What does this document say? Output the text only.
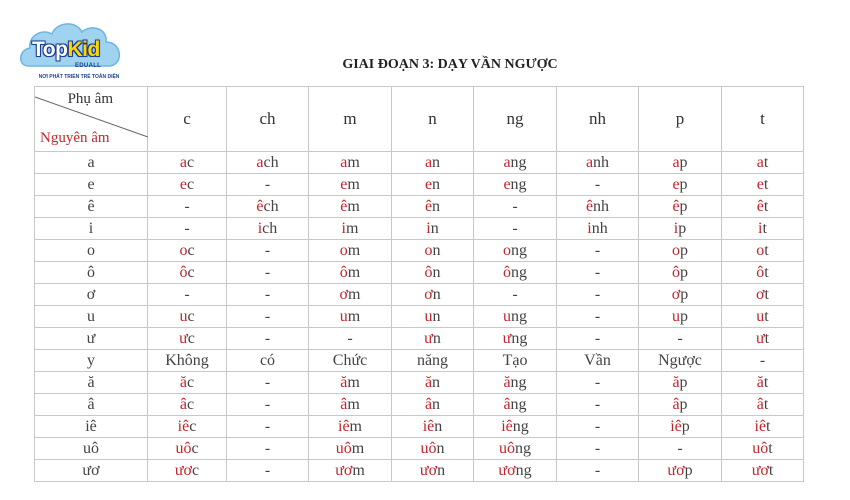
TopKid
EDUALL
NƠI PHÁT TRIỂN TRẺ TOÀN DIỆN
GIAI ĐOẠN 3: DẠY VẦN NGƯỢC
Phụ âm
Nguyên âm	c	ch	m	n	ng	nh	p	t
a	ac	ach	am	an	ang	anh	ap	at
e	ec	-	em	en	eng	-	ep	et
ê	-	êch	êm	ên	-	ênh	êp	êt
i	-	ich	im	in	-	inh	ip	it
o	oc	-	om	on	ong	-	op	ot
ô	ôc	-	ôm	ôn	ông	-	ôp	ôt
ơ	-	-	ơm	ơn	-	-	ơp	ơt
u	uc	-	um	un	ung	-	up	ut
ư	ưc	-	-	ưn	ưng	-	-	ưt
y	Không	có	Chức	năng	Tạo	Vần	Ngược	-
ă	ăc	-	ăm	ăn	ăng	-	ăp	ăt
â	âc	-	âm	ân	âng	-	âp	ât
iê	iêc	-	iêm	iên	iêng	-	iêp	iêt
uô	uôc	-	uôm	uôn	uông	-	-	uôt
ươ	ươc	-	ươm	ươn	ương	-	ươp	ươt
